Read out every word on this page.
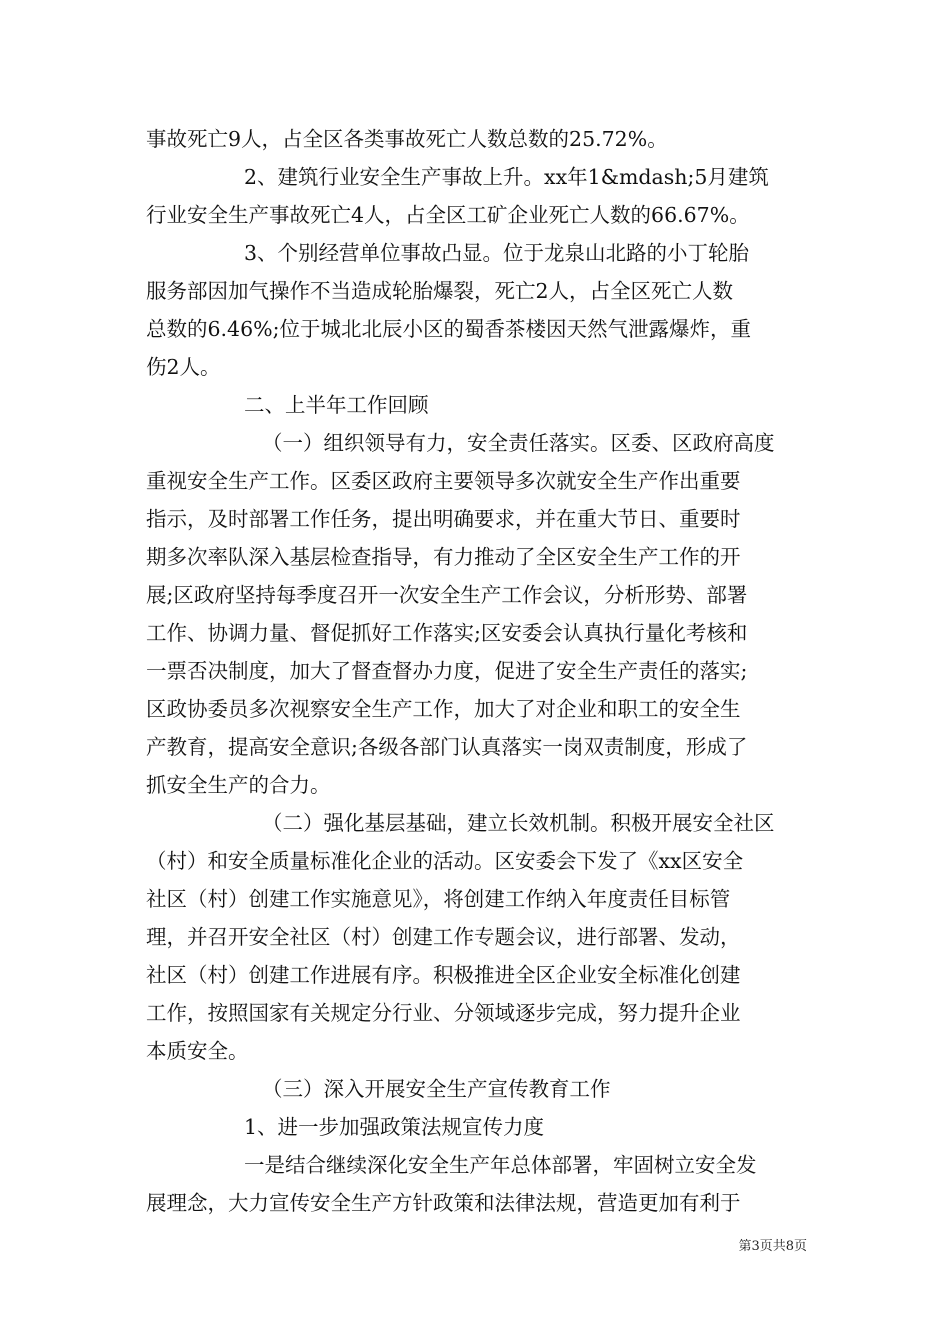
事故死亡9人，占全区各类事故死亡人数总数的25.72%。
2、建筑行业安全生产事故上升。xx年1&mdash;5月建筑
行业安全生产事故死亡4人，占全区工矿企业死亡人数的66.67%。
3、个别经营单位事故凸显。位于龙泉山北路的小丁轮胎
服务部因加气操作不当造成轮胎爆裂，死亡2人，占全区死亡人数
总数的6.46%;位于城北北辰小区的蜀香茶楼因天然气泄露爆炸，重
伤2人。
二、上半年工作回顾
（一）组织领导有力，安全责任落实。区委、区政府高度
重视安全生产工作。区委区政府主要领导多次就安全生产作出重要
指示，及时部署工作任务，提出明确要求，并在重大节日、重要时
期多次率队深入基层检查指导，有力推动了全区安全生产工作的开
展;区政府坚持每季度召开一次安全生产工作会议，分析形势、部署
工作、协调力量、督促抓好工作落实;区安委会认真执行量化考核和
一票否决制度，加大了督查督办力度，促进了安全生产责任的落实;
区政协委员多次视察安全生产工作，加大了对企业和职工的安全生
产教育，提高安全意识;各级各部门认真落实一岗双责制度，形成了
抓安全生产的合力。
（二）强化基层基础，建立长效机制。积极开展安全社区
（村）和安全质量标准化企业的活动。区安委会下发了《xx区安全
社区（村）创建工作实施意见》，将创建工作纳入年度责任目标管
理，并召开安全社区（村）创建工作专题会议，进行部署、发动，
社区（村）创建工作进展有序。积极推进全区企业安全标准化创建
工作，按照国家有关规定分行业、分领域逐步完成，努力提升企业
本质安全。
（三）深入开展安全生产宣传教育工作
1、进一步加强政策法规宣传力度
一是结合继续深化安全生产年总体部署，牢固树立安全发
展理念，大力宣传安全生产方针政策和法律法规，营造更加有利于
第3页共8页
